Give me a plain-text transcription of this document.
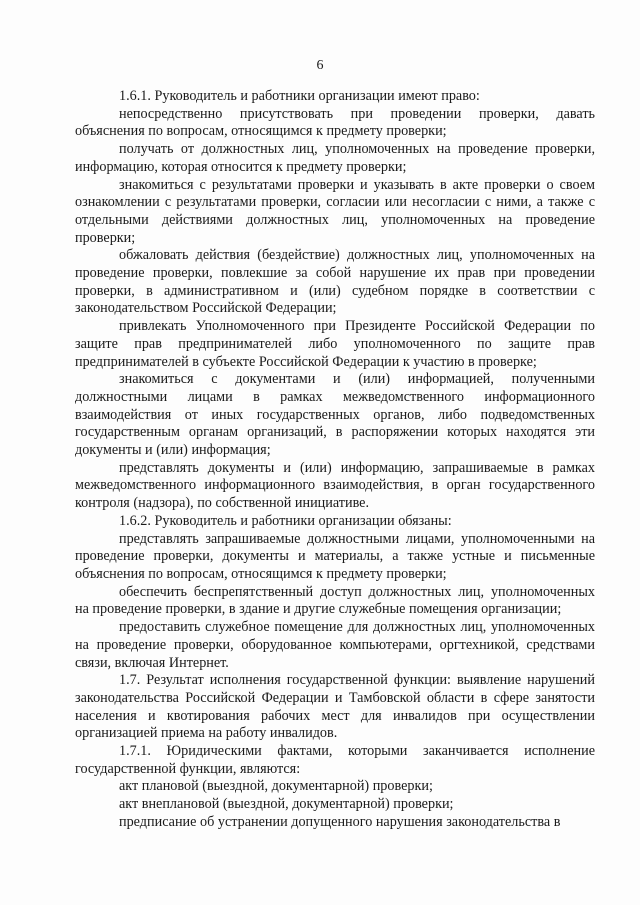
6

1.6.1. Руководитель и работники организации имеют право:

непосредственно присутствовать при проведении проверки, давать объяснения по вопросам, относящимся к предмету проверки;

получать от должностных лиц, уполномоченных на проведение проверки, информацию, которая относится к предмету проверки;

знакомиться с результатами проверки и указывать в акте проверки о своем ознакомлении с результатами проверки, согласии или несогласии с ними, а также с отдельными действиями должностных лиц, уполномоченных на проведение проверки;

обжаловать действия (бездействие) должностных лиц, уполномоченных на проведение проверки, повлекшие за собой нарушение их прав при проведении проверки, в административном и (или) судебном порядке в соответствии с законодательством Российской Федерации;

привлекать Уполномоченного при Президенте Российской Федерации по защите прав предпринимателей либо уполномоченного по защите прав предпринимателей в субъекте Российской Федерации к участию в проверке;

знакомиться с документами и (или) информацией, полученными должностными лицами в рамках межведомственного информационного взаимодействия от иных государственных органов, либо подведомственных государственным органам организаций, в распоряжении которых находятся эти документы и (или) информация;

представлять документы и (или) информацию, запрашиваемые в рамках межведомственного информационного взаимодействия, в орган государственного контроля (надзора), по собственной инициативе.

1.6.2. Руководитель и работники организации обязаны:

представлять запрашиваемые должностными лицами, уполномоченными на проведение проверки, документы и материалы, а также устные и письменные объяснения по вопросам, относящимся к предмету проверки;

обеспечить беспрепятственный доступ должностных лиц, уполномоченных на проведение проверки, в здание и другие служебные помещения организации;

предоставить служебное помещение для должностных лиц, уполномоченных на проведение проверки, оборудованное компьютерами, оргтехникой, средствами связи, включая Интернет.

1.7. Результат исполнения государственной функции: выявление нарушений законодательства Российской Федерации и Тамбовской области в сфере занятости населения и квотирования рабочих мест для инвалидов при осуществлении организацией приема на работу инвалидов.

1.7.1. Юридическими фактами, которыми заканчивается исполнение государственной функции, являются:

акт плановой (выездной, документарной) проверки;

акт внеплановой (выездной, документарной) проверки;

предписание об устранении допущенного нарушения законодательства в
